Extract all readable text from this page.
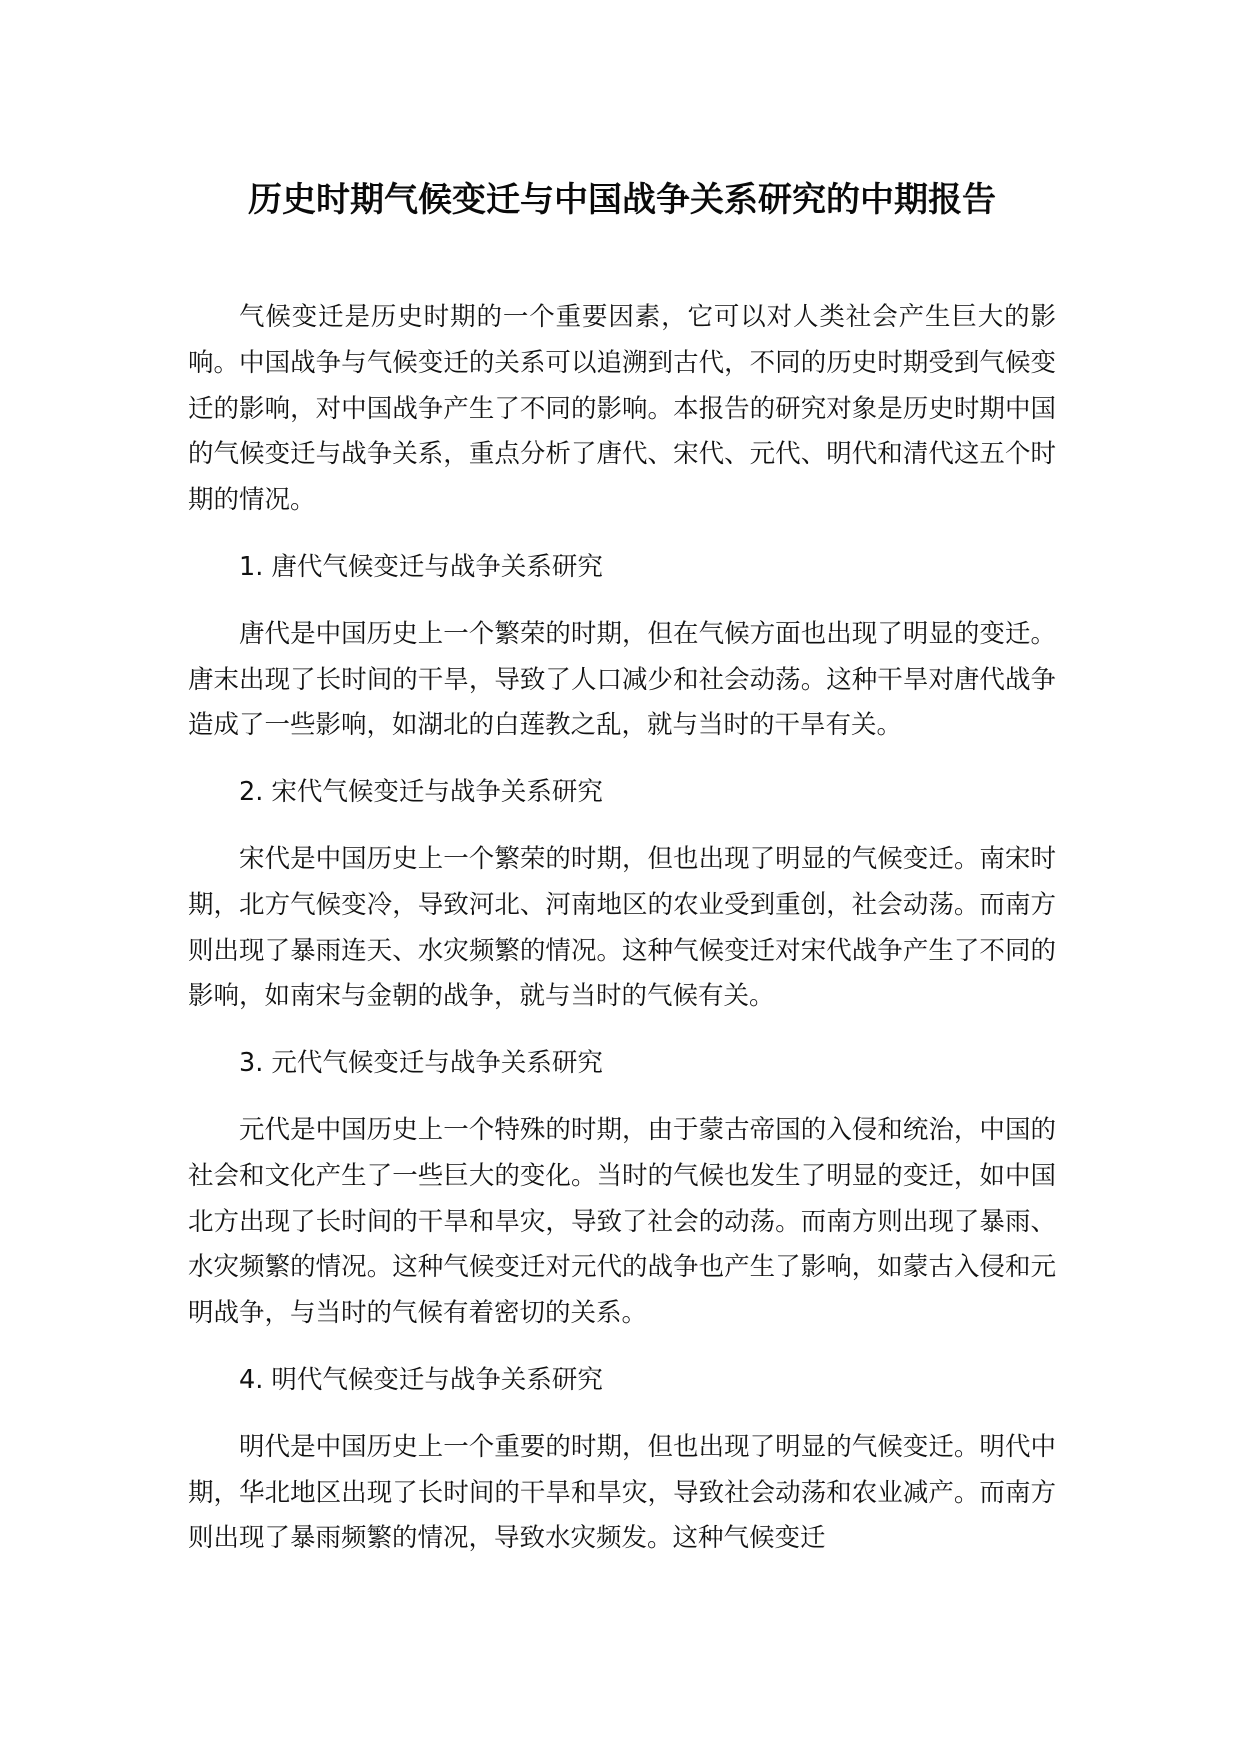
历史时期气候变迁与中国战争关系研究的中期报告

气候变迁是历史时期的一个重要因素，它可以对人类社会产生巨大的影响。中国战争与气候变迁的关系可以追溯到古代，不同的历史时期受到气候变迁的影响，对中国战争产生了不同的影响。本报告的研究对象是历史时期中国的气候变迁与战争关系，重点分析了唐代、宋代、元代、明代和清代这五个时期的情况。

1. 唐代气候变迁与战争关系研究

唐代是中国历史上一个繁荣的时期，但在气候方面也出现了明显的变迁。唐末出现了长时间的干旱，导致了人口减少和社会动荡。这种干旱对唐代战争造成了一些影响，如湖北的白莲教之乱，就与当时的干旱有关。

2. 宋代气候变迁与战争关系研究

宋代是中国历史上一个繁荣的时期，但也出现了明显的气候变迁。南宋时期，北方气候变冷，导致河北、河南地区的农业受到重创，社会动荡。而南方则出现了暴雨连天、水灾频繁的情况。这种气候变迁对宋代战争产生了不同的影响，如南宋与金朝的战争，就与当时的气候有关。

3. 元代气候变迁与战争关系研究

元代是中国历史上一个特殊的时期，由于蒙古帝国的入侵和统治，中国的社会和文化产生了一些巨大的变化。当时的气候也发生了明显的变迁，如中国北方出现了长时间的干旱和旱灾，导致了社会的动荡。而南方则出现了暴雨、水灾频繁的情况。这种气候变迁对元代的战争也产生了影响，如蒙古入侵和元明战争，与当时的气候有着密切的关系。

4. 明代气候变迁与战争关系研究

明代是中国历史上一个重要的时期，但也出现了明显的气候变迁。明代中期，华北地区出现了长时间的干旱和旱灾，导致社会动荡和农业减产。而南方则出现了暴雨频繁的情况，导致水灾频发。这种气候变迁
